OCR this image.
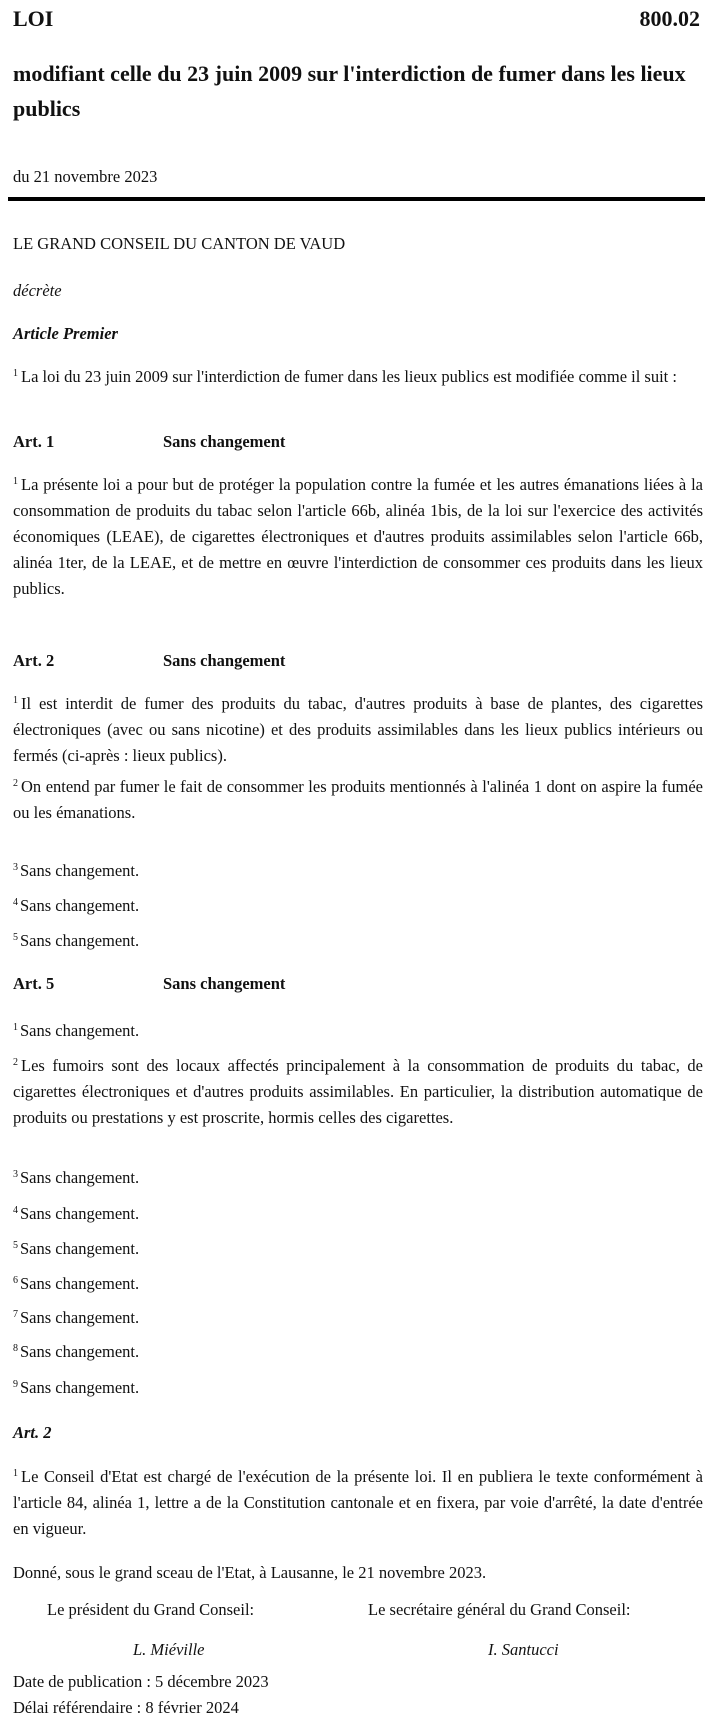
LOI	800.02
modifiant celle du 23 juin 2009 sur l'interdiction de fumer dans les lieux publics
du 21 novembre 2023
LE GRAND CONSEIL DU CANTON DE VAUD
décrète
Article Premier
$^1$ La loi du 23 juin 2009 sur l'interdiction de fumer dans les lieux publics est modifiée comme il suit :
Art. 1	Sans changement
$^1$ La présente loi a pour but de protéger la population contre la fumée et les autres émanations liées à la consommation de produits du tabac selon l'article 66b, alinéa 1bis, de la loi sur l'exercice des activités économiques (LEAE), de cigarettes électroniques et d'autres produits assimilables selon l'article 66b, alinéa 1ter, de la LEAE, et de mettre en œuvre l'interdiction de consommer ces produits dans les lieux publics.
Art. 2	Sans changement
$^1$ Il est interdit de fumer des produits du tabac, d'autres produits à base de plantes, des cigarettes électroniques (avec ou sans nicotine) et des produits assimilables dans les lieux publics intérieurs ou fermés (ci-après : lieux publics).
$^2$ On entend par fumer le fait de consommer les produits mentionnés à l'alinéa 1 dont on aspire la fumée ou les émanations.
$^3$ Sans changement.
$^4$ Sans changement.
$^5$ Sans changement.
Art. 5	Sans changement
$^1$ Sans changement.
$^2$ Les fumoirs sont des locaux affectés principalement à la consommation de produits du tabac, de cigarettes électroniques et d'autres produits assimilables. En particulier, la distribution automatique de produits ou prestations y est proscrite, hormis celles des cigarettes.
$^3$ Sans changement.
$^4$ Sans changement.
$^5$ Sans changement.
$^6$ Sans changement.
$^7$ Sans changement.
$^8$ Sans changement.
$^9$ Sans changement.
Art. 2
$^1$ Le Conseil d'Etat est chargé de l'exécution de la présente loi. Il en publiera le texte conformément à l'article 84, alinéa 1, lettre a de la Constitution cantonale et en fixera, par voie d'arrêté, la date d'entrée en vigueur.
Donné, sous le grand sceau de l'Etat, à Lausanne, le 21 novembre 2023.
Le président du Grand Conseil:	Le secrétaire général du Grand Conseil:
L. Miéville	I. Santucci
Date de publication : 5 décembre 2023
Délai référendaire : 8 février 2024
